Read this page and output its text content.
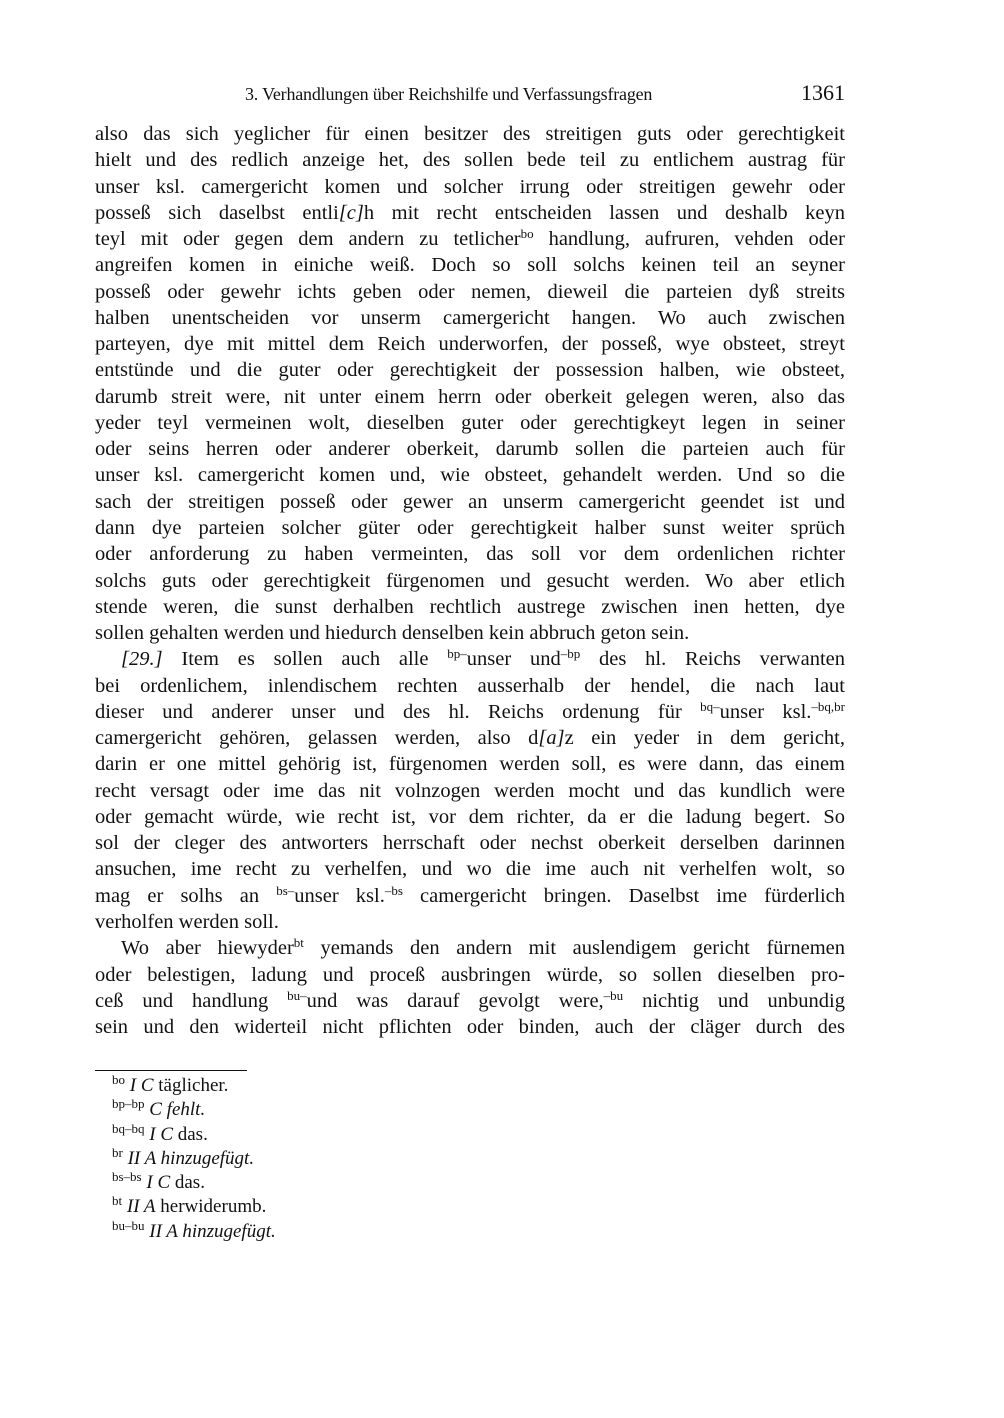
3. Verhandlungen über Reichshilfe und Verfassungsfragen	1361
also das sich yeglicher für einen besitzer des streitigen guts oder gerechtigkeit
hielt und des redlich anzeige het, des sollen bede teil zu entlichem austrag für
unser ksl. camergericht komen und solcher irrung oder streitigen gewehr oder
posseß sich daselbst entli[c]h mit recht entscheiden lassen und deshalb keyn
teyl mit oder gegen dem andern zu tetlicher$^{bo}$ handlung, aufruren, vehden oder
angreifen komen in einiche weiß. Doch so soll solchs keinen teil an seyner
posseß oder gewehr ichts geben oder nemen, dieweil die parteien dyß streits
halben unentscheiden vor unserm camergericht hangen. Wo auch zwischen
parteyen, dye mit mittel dem Reich underworfen, der posseß, wye obsteet, streyt
entstünde und die guter oder gerechtigkeit der possession halben, wie obsteet,
darumb streit were, nit unter einem herrn oder oberkeit gelegen weren, also das
yeder teyl vermeinen wolt, dieselben guter oder gerechtigkeyt legen in seiner
oder seins herren oder anderer oberkeit, darumb sollen die parteien auch für
unser ksl. camergericht komen und, wie obsteet, gehandelt werden. Und so die
sach der streitigen posseß oder gewer an unserm camergericht geendet ist und
dann dye parteien solcher güter oder gerechtigkeit halber sunst weiter sprüch
oder anforderung zu haben vermeinten, das soll vor dem ordenlichen richter
solchs guts oder gerechtigkeit fürgenomen und gesucht werden. Wo aber etlich
stende weren, die sunst derhalben rechtlich austrege zwischen inen hetten, dye
sollen gehalten werden und hiedurch denselben kein abbruch geton sein.
[29.] Item es sollen auch alle $^{bp-}$unser und$^{-bp}$ des hl. Reichs verwanten
bei ordenlichem, inlendischem rechten ausserhalb der hendel, die nach laut
dieser und anderer unser und des hl. Reichs ordenung für $^{bq-}$unser ksl.$^{-bq,br}$
camergericht gehören, gelassen werden, also d[a]z ein yeder in dem gericht,
darin er one mittel gehörig ist, fürgenomen werden soll, es were dann, das einem
recht versagt oder ime das nit volnzogen werden mocht und das kundlich were
oder gemacht würde, wie recht ist, vor dem richter, da er die ladung begert. So
sol der cleger des antworters herrschaft oder nechst oberkeit derselben darinnen
ansuchen, ime recht zu verhelfen, und wo die ime auch nit verhelfen wolt, so
mag er solhs an $^{bs-}$unser ksl.$^{-bs}$ camergericht bringen. Daselbst ime fürderlich
verholfen werden soll.
Wo aber hiewyder$^{bt}$ yemands den andern mit auslendigem gericht fürnemen
oder belestigen, ladung und proceß ausbringen würde, so sollen dieselben pro-
ceß und handlung $^{bu-}$und was darauf gevolgt were,$^{-bu}$ nichtig und unbundig
sein und den widerteil nicht pflichten oder binden, auch der cläger durch des
$^{bo}$ I C täglicher.
$^{bp-bp}$ C fehlt.
$^{bq-bq}$ I C das.
$^{br}$ II A hinzugefügt.
$^{bs-bs}$ I C das.
$^{bt}$ II A herwiderumb.
$^{bu-bu}$ II A hinzugefügt.
